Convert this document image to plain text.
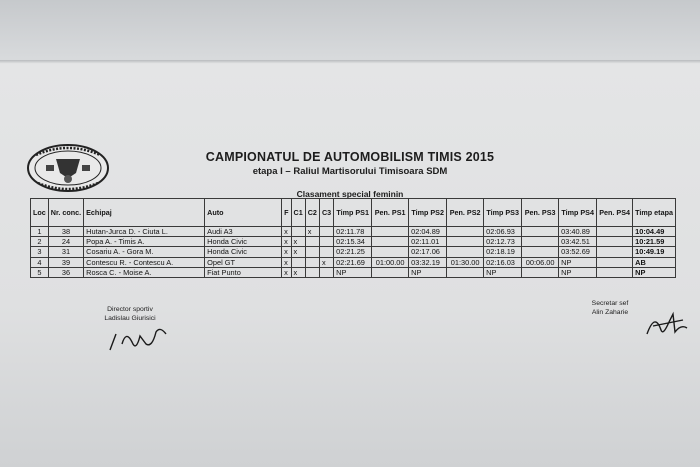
CAMPIONATUL DE AUTOMOBILISM TIMIS 2015
etapa I – Raliul Martisorului Timisoara SDM
Clasament special feminin
Loc	Nr. conc.	Echipaj	Auto	F	C1	C2	C3	Timp PS1	Pen. PS1	Timp PS2	Pen. PS2	Timp PS3	Pen. PS3	Timp PS4	Pen. PS4	Timp etapa
1	38	Hutan-Jurca D. - Ciuta L.	Audi A3	x		x		02:11.78		02:04.89		02:06.93		03:40.89		10:04.49
2	24	Popa A. - Timis A.	Honda Civic	x	x			02:15.34		02:11.01		02:12.73		03:42.51		10:21.59
3	31	Cosariu A. - Gora M.	Honda Civic	x	x			02:21.25		02:17.06		02:18.19		03:52.69		10:49.19
4	39	Contescu R. - Contescu A.	Opel GT	x			x	02:21.69	01:00.00	03:32.19	01:30.00	02:16.03	00:06.00	NP		AB
5	36	Rosca C. - Moise A.	Fiat Punto	x	x			NP		NP		NP		NP		NP
Director sportiv
Ladislau Giurisici
Secretar sef
Alin Zaharie
